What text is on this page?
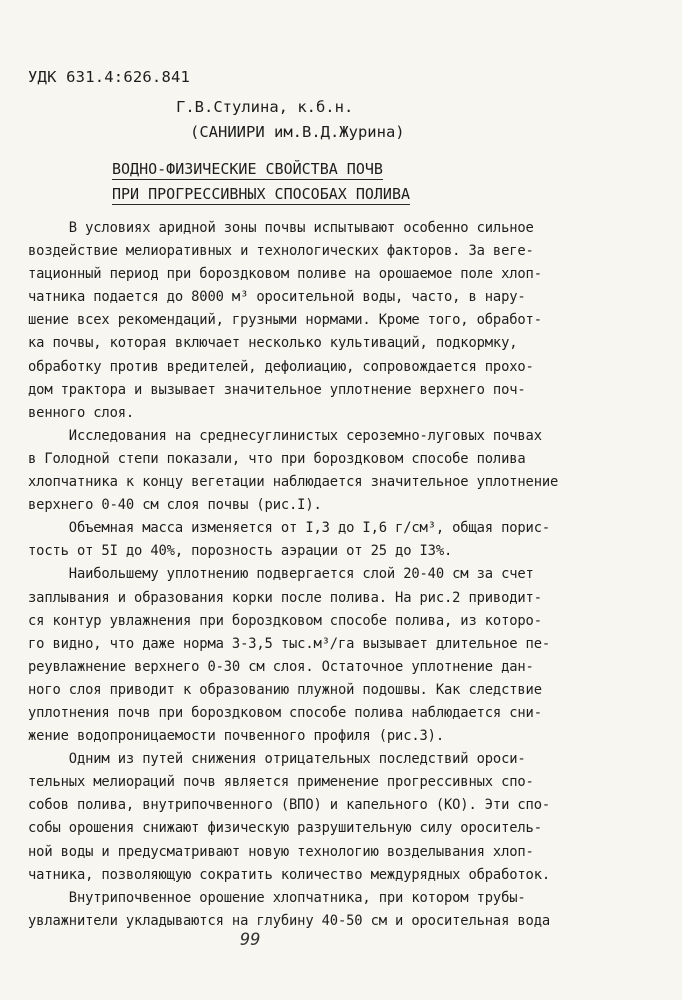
УДК 631.4:626.841
Г.В.Стулина, к.б.н.
(САНИИРИ им.В.Д.Журина)
ВОДНО-ФИЗИЧЕСКИЕ СВОЙСТВА ПОЧВ
ПРИ ПРОГРЕССИВНЫХ СПОСОБАХ ПОЛИВА
В условиях аридной зоны почвы испытывают особенно сильное
воздействие мелиоративных и технологических факторов. За веге-
тационный период при бороздковом поливе на орошаемое поле хлоп-
чатника подается до 8000 м³ оросительной воды, часто, в нару-
шение всех рекомендаций, грузными нормами. Кроме того, обработ-
ка почвы, которая включает несколько культиваций, подкормку,
обработку против вредителей, дефолиацию, сопровождается прохо-
дом трактора и вызывает значительное уплотнение верхнего поч-
венного слоя.
Исследования на среднесуглинистых сероземно-луговых почвах
в Голодной степи показали, что при бороздковом способе полива
хлопчатника к концу вегетации наблюдается значительное уплотнение
верхнего 0-40 см слоя почвы (рис.I).
Объемная масса изменяется от I,3 до I,6 г/см³, общая порис-
тость от 5I до 40%, порозность аэрации от 25 до I3%.
Наибольшему уплотнению подвергается слой 20-40 см за счет
заплывания и образования корки после полива. На рис.2 приводит-
ся контур увлажнения при бороздковом способе полива, из которо-
го видно, что даже норма 3-3,5 тыс.м³/га вызывает длительное пе-
реувлажнение верхнего 0-30 см слоя. Остаточное уплотнение дан-
ного слоя приводит к образованию плужной подошвы. Как следствие
уплотнения почв при бороздковом способе полива наблюдается сни-
жение водопроницаемости почвенного профиля (рис.3).
Одним из путей снижения отрицательных последствий ороси-
тельных мелиораций почв является применение прогрессивных спо-
собов полива, внутрипочвенного (ВПО) и капельного (КО). Эти спо-
собы орошения снижают физическую разрушительную силу ороситель-
ной воды и предусматривают новую технологию возделывания хлоп-
чатника, позволяющую сократить количество междурядных обработок.
Внутрипочвенное орошение хлопчатника, при котором трубы-
увлажнители укладываются на глубину 40-50 см и оросительная вода
99
